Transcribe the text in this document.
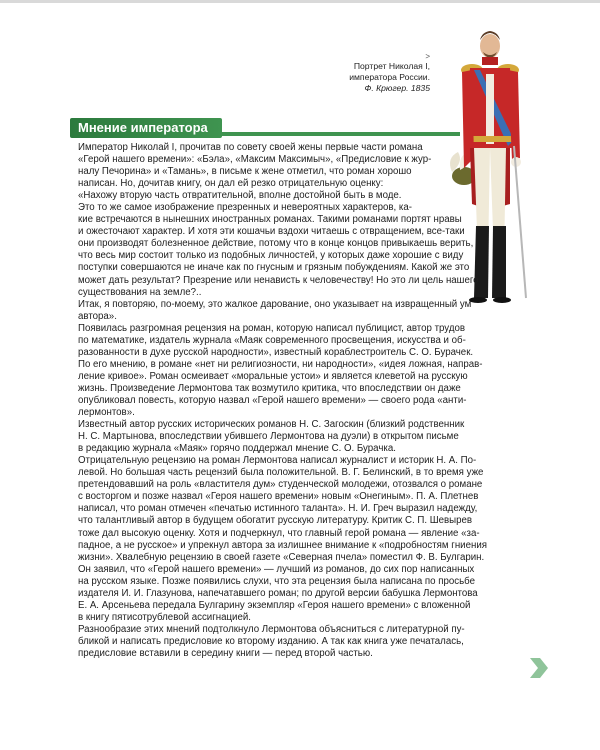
>
Портрет Николая I,
императора России.
Ф. Крюгер. 1835
Мнение императора
Император Николай I, прочитав по совету своей жены первые части романа
«Герой нашего времени»: «Бэла», «Максим Максимыч», «Предисловие к жур-
налу Печорина» и «Тамань», в письме к жене отметил, что роман хорошо
написан. Но, дочитав книгу, он дал ей резко отрицательную оценку:
«Нахожу вторую часть отвратительной, вполне достойной быть в моде.
Это то же самое изображение презренных и невероятных характеров, ка-
кие встречаются в нынешних иностранных романах. Такими романами портят нравы
и ожесточают характер. И хотя эти кошачьи вздохи читаешь с отвращением, все-таки
они производят болезненное действие, потому что в конце концов привыкаешь верить,
что весь мир состоит только из подобных личностей, у которых даже хорошие с виду
поступки совершаются не иначе как по гнусным и грязным побуждениям. Какой же это
может дать результат? Презрение или ненависть к человечеству! Но это ли цель нашего
существования на земле?..
Итак, я повторяю, по-моему, это жалкое дарование, оно указывает на извращенный ум
автора».
Появилась разгромная рецензия на роман, которую написал публицист, автор трудов
по математике, издатель журнала «Маяк современного просвещения, искусства и об-
разованности в духе русской народности», известный кораблестроитель С. О. Бурачек.
По его мнению, в романе «нет ни религиозности, ни народности», «идея ложная, направ-
ление кривое». Роман осмеивает «моральные устои» и является клеветой на русскую
жизнь. Произведение Лермонтова так возмутило критика, что впоследствии он даже
опубликовал повесть, которую назвал «Герой нашего времени» — своего рода «анти-
лермонтов».
Известный автор русских исторических романов Н. С. Загоскин (близкий родственник
Н. С. Мартынова, впоследствии убившего Лермонтова на дуэли) в открытом письме
в редакцию журнала «Маяк» горячо поддержал мнение С. О. Бурачка.
Отрицательную рецензию на роман Лермонтова написал журналист и историк Н. А. По-
левой. Но большая часть рецензий была положительной. В. Г. Белинский, в то время уже
претендовавший на роль «властителя дум» студенческой молодежи, отозвался о романе
с восторгом и позже назвал «Героя нашего времени» новым «Онегиным». П. А. Плетнев
написал, что роман отмечен «печатью истинного таланта». Н. И. Греч выразил надежду,
что талантливый автор в будущем обогатит русскую литературу. Критик С. П. Шевырев
тоже дал высокую оценку. Хотя и подчеркнул, что главный герой романа — явление «за-
падное, а не русское» и упрекнул автора за излишнее внимание к «подробностям гниения
жизни». Хвалебную рецензию в своей газете «Северная пчела» поместил Ф. В. Булгарин.
Он заявил, что «Герой нашего времени» — лучший из романов, до сих пор написанных
на русском языке. Позже появились слухи, что эта рецензия была написана по просьбе
издателя И. И. Глазунова, напечатавшего роман; по другой версии бабушка Лермонтова
Е. А. Арсеньева передала Булгарину экземпляр «Героя нашего времени» с вложенной
в книгу пятисотрублевой ассигнацией.
Разнообразие этих мнений подтолкнуло Лермонтова объясниться с литературной пу-
бликой и написать предисловие ко второму изданию. А так как книга уже печаталась,
предисловие вставили в середину книги — перед второй частью.
